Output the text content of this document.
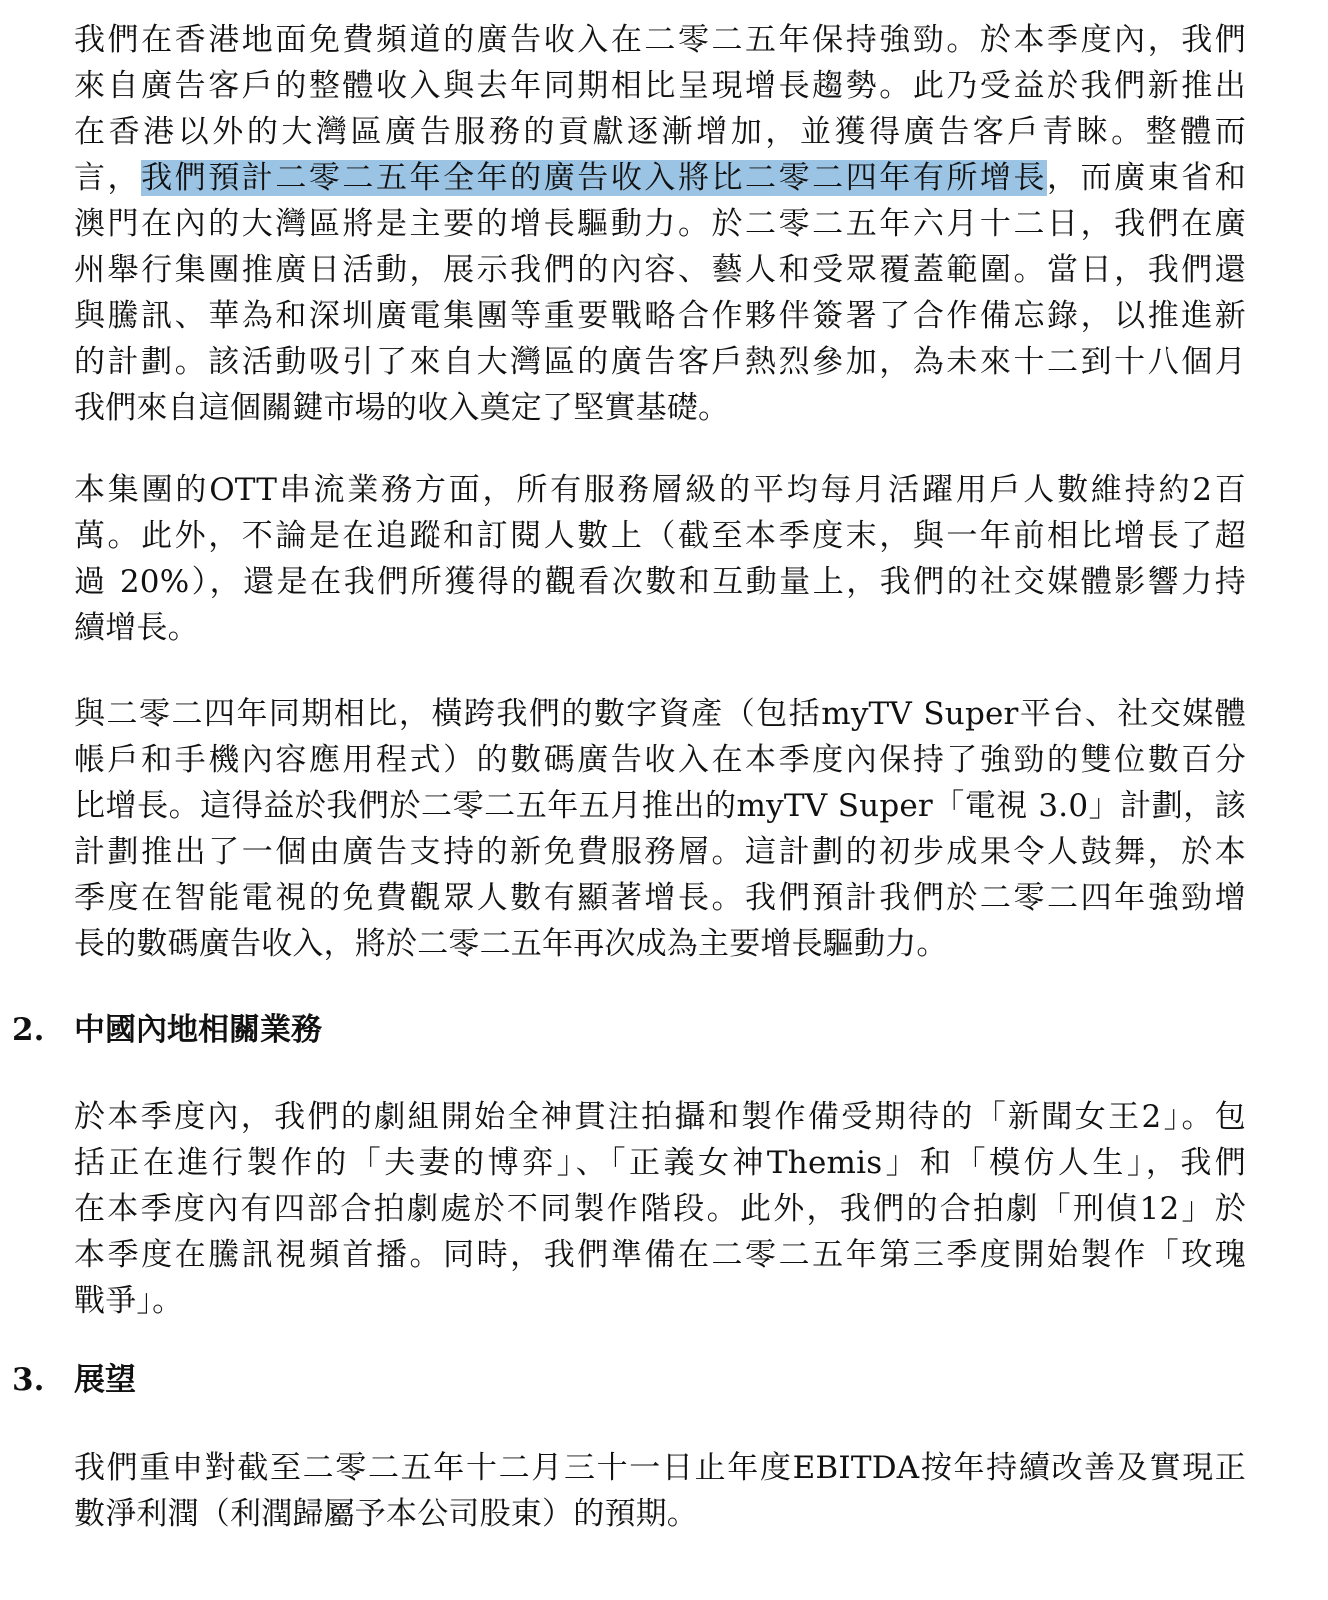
我們在香港地面免費頻道的廣告收入在二零二五年保持強勁。於本季度內，我們
來自廣告客戶的整體收入與去年同期相比呈現增長趨勢。此乃受益於我們新推出
在香港以外的大灣區廣告服務的貢獻逐漸增加，並獲得廣告客戶青睞。整體而
言，我們預計二零二五年全年的廣告收入將比二零二四年有所增長，而廣東省和
澳門在內的大灣區將是主要的增長驅動力。於二零二五年六月十二日，我們在廣
州舉行集團推廣日活動，展示我們的內容、藝人和受眾覆蓋範圍。當日，我們還
與騰訊、華為和深圳廣電集團等重要戰略合作夥伴簽署了合作備忘錄，以推進新
的計劃。該活動吸引了來自大灣區的廣告客戶熱烈參加，為未來十二到十八個月
我們來自這個關鍵市場的收入奠定了堅實基礎。
本集團的OTT串流業務方面，所有服務層級的平均每月活躍用戶人數維持約2百
萬。此外，不論是在追蹤和訂閱人數上（截至本季度末，與一年前相比增長了超
過 20%），還是在我們所獲得的觀看次數和互動量上，我們的社交媒體影響力持
續增長。
與二零二四年同期相比，橫跨我們的數字資產（包括myTV Super平台、社交媒體
帳戶和手機內容應用程式）的數碼廣告收入在本季度內保持了強勁的雙位數百分
比增長。這得益於我們於二零二五年五月推出的myTV Super「電視 3.0」計劃，該
計劃推出了一個由廣告支持的新免費服務層。這計劃的初步成果令人鼓舞，於本
季度在智能電視的免費觀眾人數有顯著增長。我們預計我們於二零二四年強勁增
長的數碼廣告收入，將於二零二五年再次成為主要增長驅動力。
2. 中國內地相關業務
於本季度內，我們的劇組開始全神貫注拍攝和製作備受期待的「新聞女王2」。包
括正在進行製作的「夫妻的博弈」、「正義女神Themis」和「模仿人生」，我們
在本季度內有四部合拍劇處於不同製作階段。此外，我們的合拍劇「刑偵12」於
本季度在騰訊視頻首播。同時，我們準備在二零二五年第三季度開始製作「玫瑰
戰爭」。
3. 展望
我們重申對截至二零二五年十二月三十一日止年度EBITDA按年持續改善及實現正
數淨利潤（利潤歸屬予本公司股東）的預期。
